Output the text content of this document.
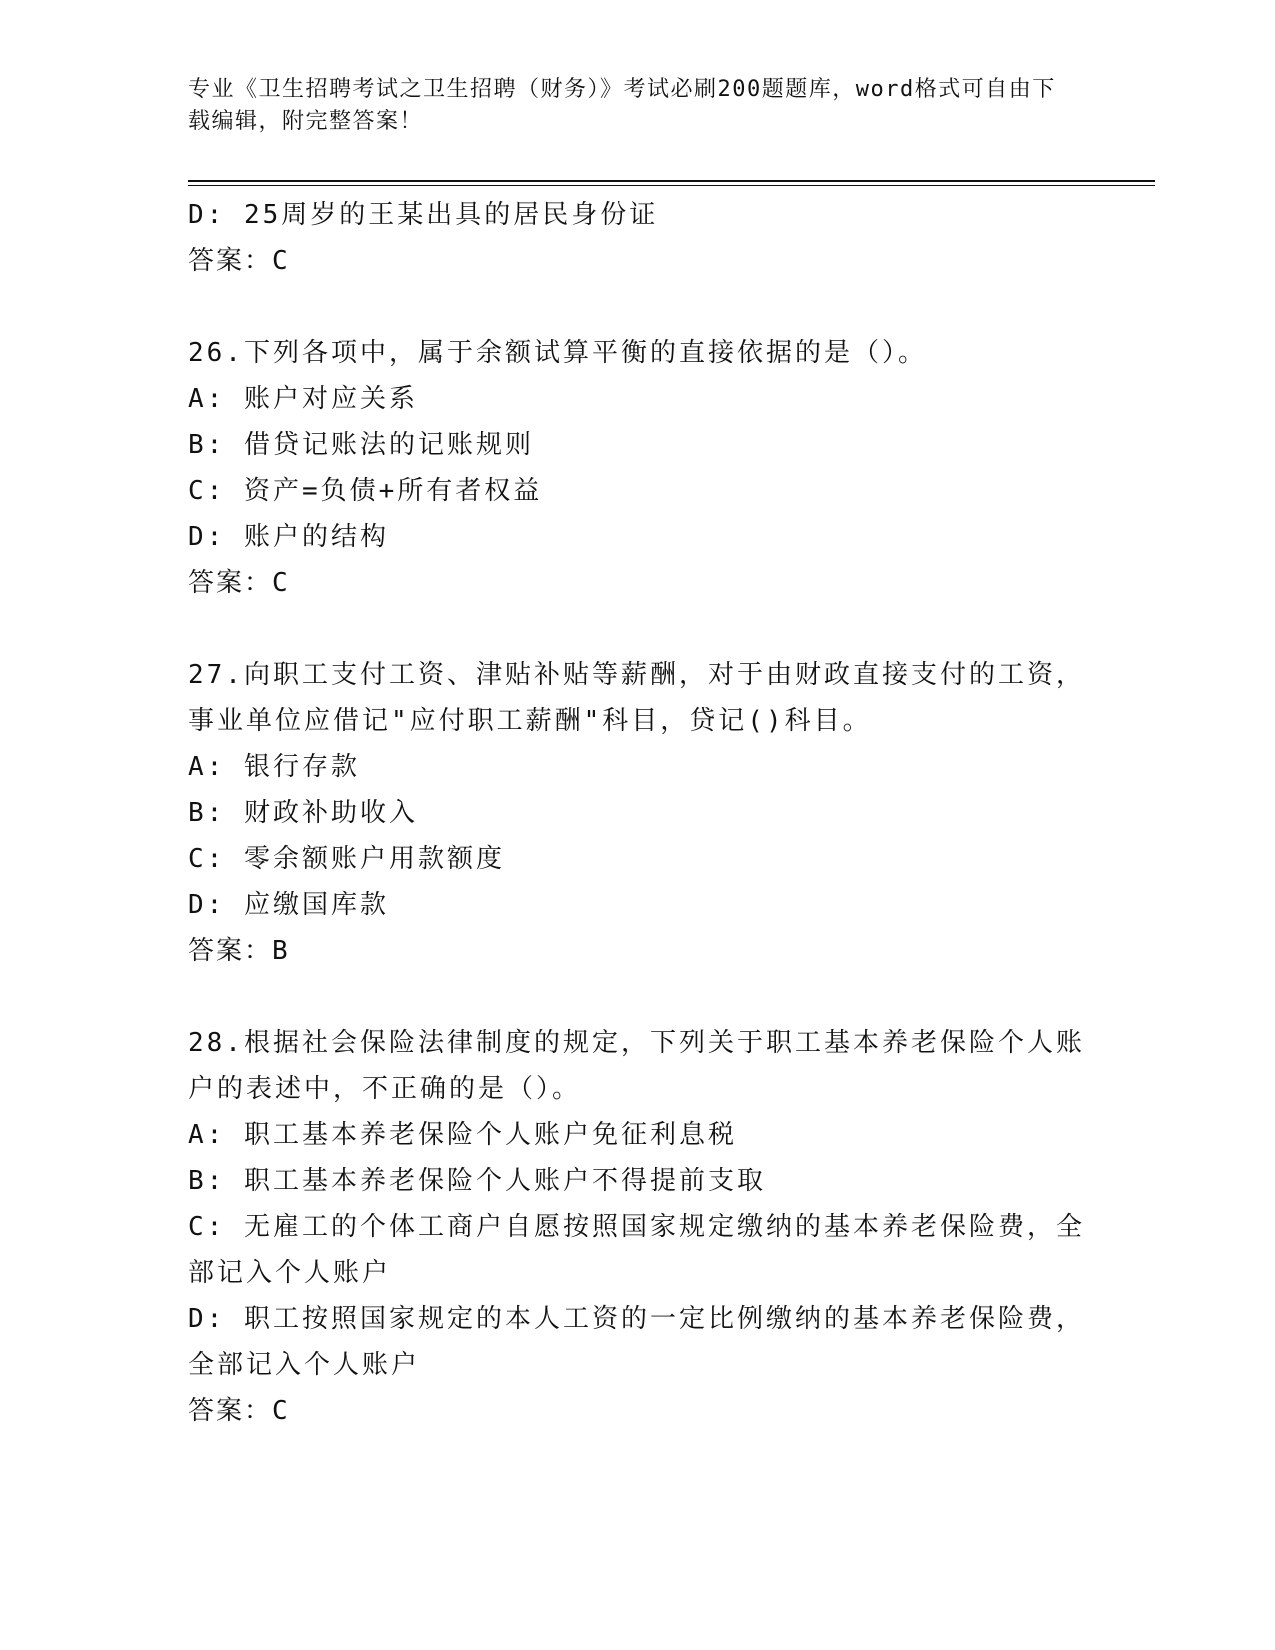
专业《卫生招聘考试之卫生招聘（财务）》考试必刷200题题库，word格式可自由下载编辑，附完整答案！
D: 25周岁的王某出具的居民身份证
答案：C
26.下列各项中，属于余额试算平衡的直接依据的是（）。
A: 账户对应关系
B: 借贷记账法的记账规则
C: 资产=负债+所有者权益
D: 账户的结构
答案：C
27.向职工支付工资、津贴补贴等薪酬，对于由财政直接支付的工资，
事业单位应借记"应付职工薪酬"科目，贷记()科目。
A: 银行存款
B: 财政补助收入
C: 零余额账户用款额度
D: 应缴国库款
答案：B
28.根据社会保险法律制度的规定，下列关于职工基本养老保险个人账
户的表述中，不正确的是（）。
A: 职工基本养老保险个人账户免征利息税
B: 职工基本养老保险个人账户不得提前支取
C: 无雇工的个体工商户自愿按照国家规定缴纳的基本养老保险费，全
部记入个人账户
D: 职工按照国家规定的本人工资的一定比例缴纳的基本养老保险费，
全部记入个人账户
答案：C
